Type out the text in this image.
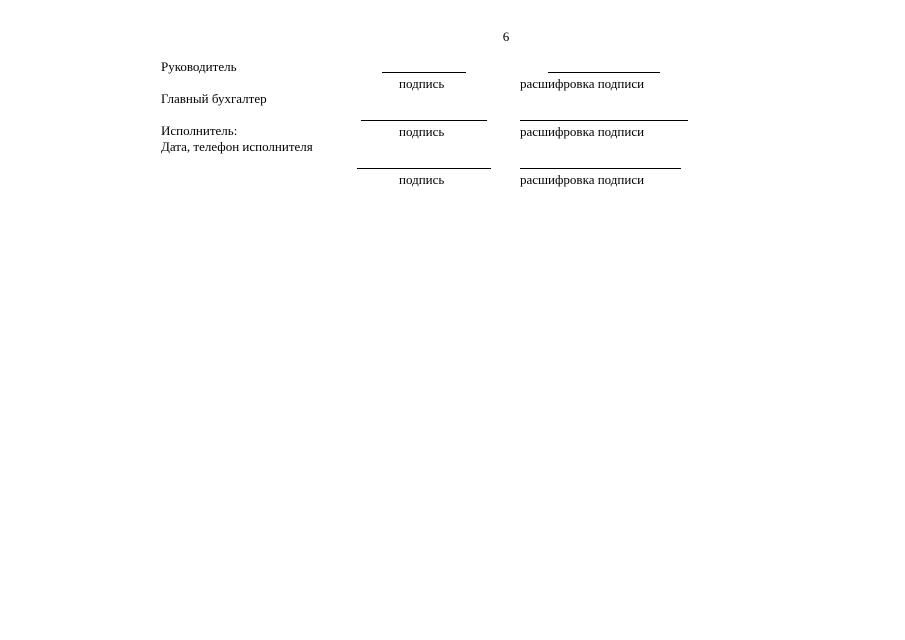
6
Руководитель
подпись	расшифровка подписи
Главный бухгалтер
подпись	расшифровка подписи
Исполнитель:
Дата, телефон исполнителя
подпись	расшифровка подписи
